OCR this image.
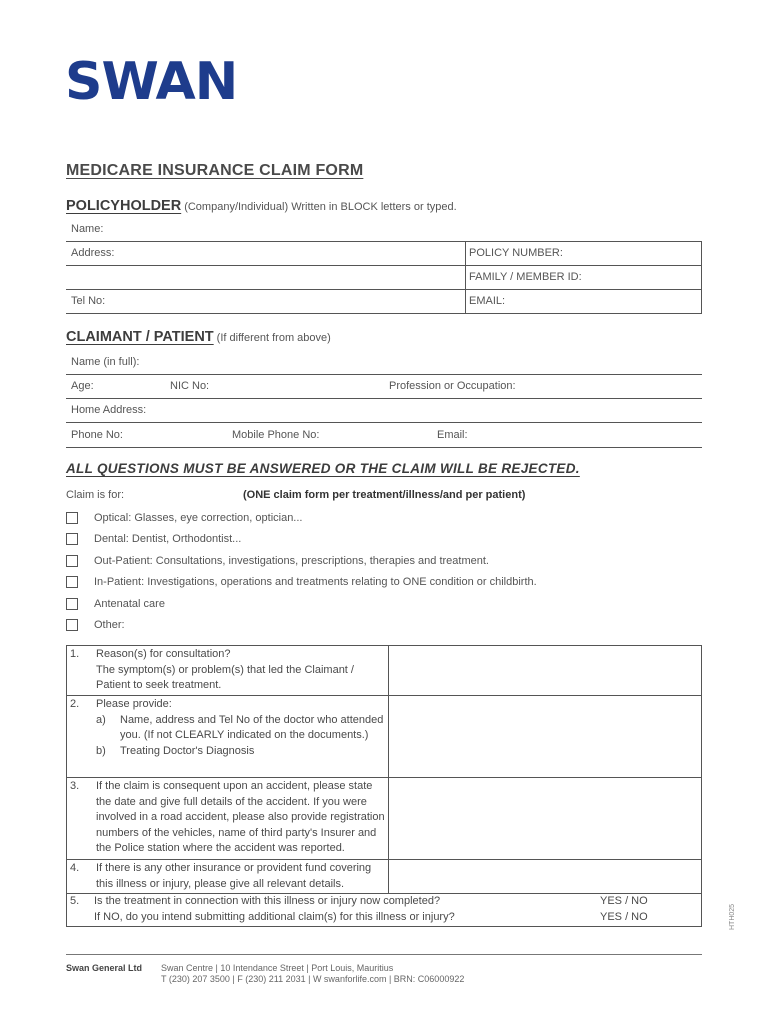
SWAN
MEDICARE INSURANCE CLAIM FORM
POLICYHOLDER (Company/Individual) Written in BLOCK letters or typed.
Name:
Address:	POLICY NUMBER:
FAMILY / MEMBER ID:
Tel No:	EMAIL:
CLAIMANT / PATIENT (If different from above)
Name (in full):
Age:	NIC No:	Profession or Occupation:
Home Address:
Phone No:	Mobile Phone No:	Email:
ALL QUESTIONS MUST BE ANSWERED OR THE CLAIM WILL BE REJECTED.
Claim is for:	(ONE claim form per treatment/illness/and per patient)
Optical: Glasses, eye correction, optician...
Dental: Dentist, Orthodontist...
Out-Patient: Consultations, investigations, prescriptions, therapies and treatment.
In-Patient: Investigations, operations and treatments relating to ONE condition or childbirth.
Antenatal care
Other:
1.	Reason(s) for consultation?
The symptom(s) or problem(s) that led the Claimant /
Patient to seek treatment.	

2.	Please provide:
a) Name, address and Tel No of the doctor who attended you. (If not CLEARLY indicated on the documents.)
b) Treating Doctor's Diagnosis	

3.	If the claim is consequent upon an accident, please state the date and give full details of the accident. If you were involved in a road accident, please also provide registration numbers of the vehicles, name of third party's Insurer and the Police station where the accident was reported.	
4.	If there is any other insurance or provident fund covering this illness or injury, please give all relevant details.	
5. Is the treatment in connection with this illness or injury now completed?
If NO, do you intend submitting additional claim(s) for this illness or injury?
YES / NO
YES / NO
Swan General Ltd Swan Centre | 10 Intendance Street | Port Louis, Mauritius
T (230) 207 3500 | F (230) 211 2031 | W swanforlife.com | BRN: C06000922
HTH025
